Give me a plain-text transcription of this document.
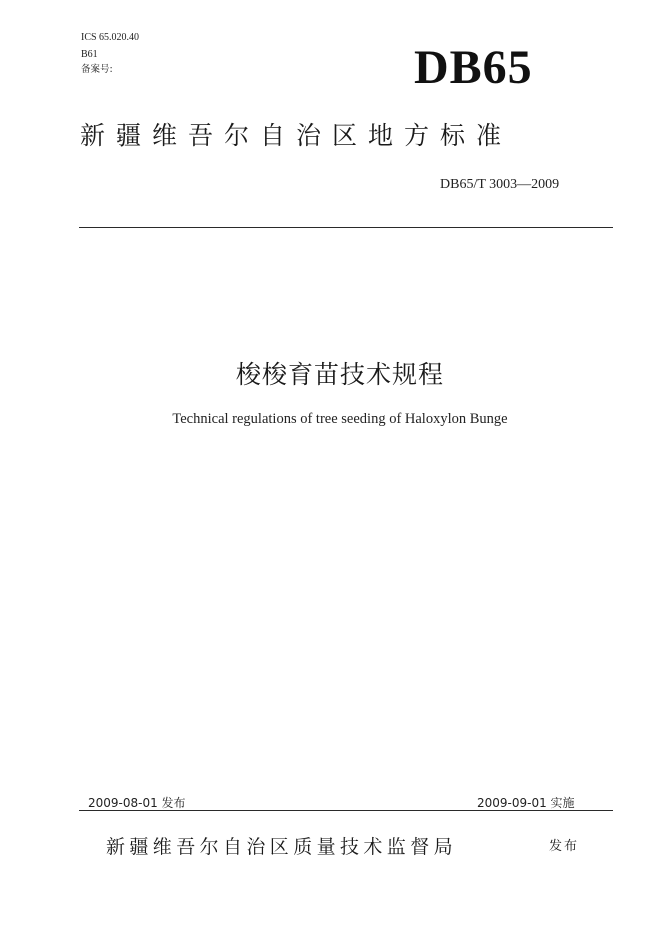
ICS 65.020.40
B61
备案号:	DB65
新疆维吾尔自治区地方标准
DB65/T 3003—2009
梭梭育苗技术规程
Technical regulations of tree seeding of Haloxylon Bunge
2009-08-01 发布	2009-09-01 实施
新疆维吾尔自治区质量技术监督局	发布
